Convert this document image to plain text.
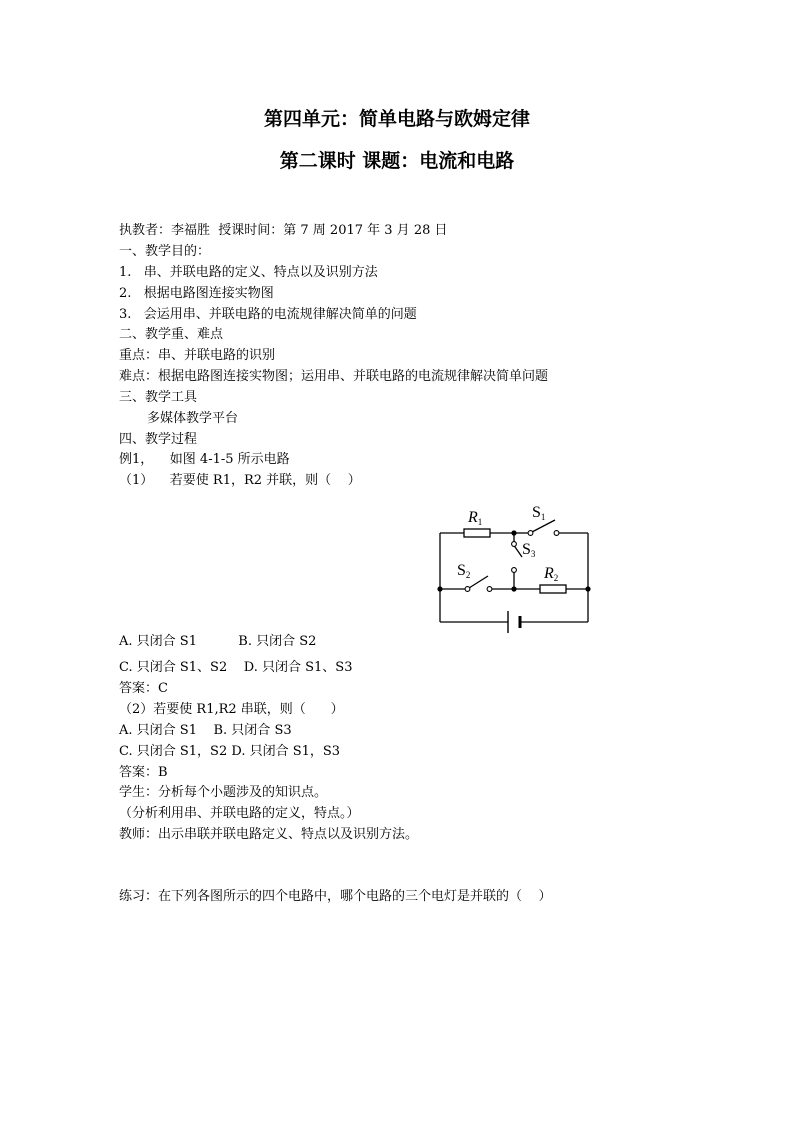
第四单元：简单电路与欧姆定律
第二课时 课题：电流和电路
执教者：李福胜  授课时间：第 7 周 2017 年 3 月 28 日
一、教学目的：
1.   串、并联电路的定义、特点以及识别方法
2.   根据电路图连接实物图
3.   会运用串、并联电路的电流规律解决简单的问题
二、教学重、难点
重点：串、并联电路的识别
难点：根据电路图连接实物图；运用串、并联电路的电流规律解决简单问题
三、教学工具
多媒体教学平台
四、教学过程
例1，    如图 4-1-5 所示电路
（1）    若要使 R1，R2 并联，则（    ）
R1
S1
S3
S2	R2
A. 只闭合 S1          B. 只闭合 S2
C. 只闭合 S1、S2    D. 只闭合 S1、S3
答案：C
（2）若要使 R1,R2 串联，则（      ）
A. 只闭合 S1    B. 只闭合 S3
C. 只闭合 S1，S2 D. 只闭合 S1，S3
答案：B
学生：分析每个小题涉及的知识点。
（分析利用串、并联电路的定义，特点。）
教师：出示串联并联电路定义、特点以及识别方法。
练习：在下列各图所示的四个电路中，哪个电路的三个电灯是并联的（    ）
